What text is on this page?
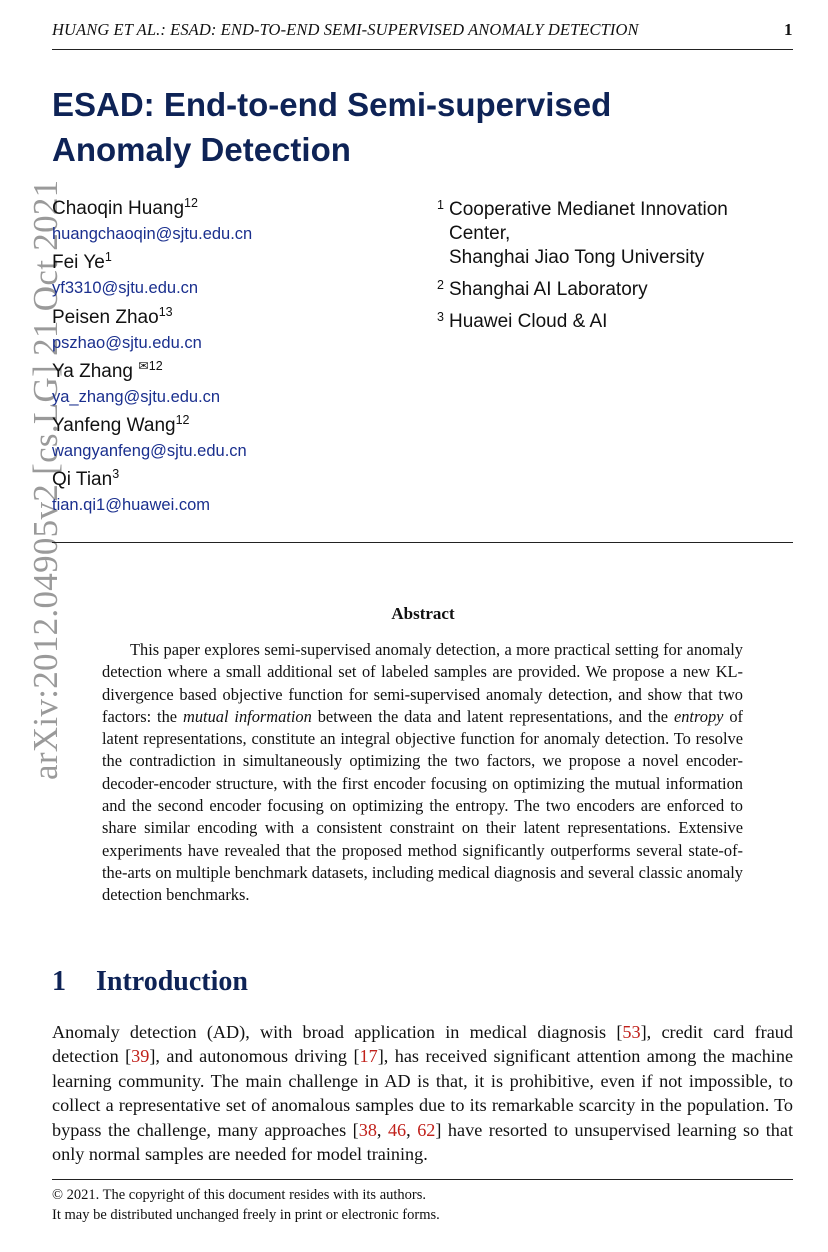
HUANG ET AL.: ESAD: END-TO-END SEMI-SUPERVISED ANOMALY DETECTION	1
arXiv:2012.04905v2 [cs.LG] 21 Oct 2021
ESAD: End-to-end Semi-supervised
Anomaly Detection
Chaoqin Huang$^{12}$
huangchaoqin@sjtu.edu.cn
Fei Ye$^1$
yf3310@sjtu.edu.cn
Peisen Zhao$^{13}$
pszhao@sjtu.edu.cn
Ya Zhang $^{✉12}$
ya_zhang@sjtu.edu.cn
Yanfeng Wang$^{12}$
wangyanfeng@sjtu.edu.cn
Qi Tian$^3$
tian.qi1@huawei.com
1 Cooperative Medianet Innovation
Center,
Shanghai Jiao Tong University
2 Shanghai AI Laboratory
3 Huawei Cloud & AI
Abstract
This paper explores semi-supervised anomaly detection, a more practical setting for anomaly detection where a small additional set of labeled samples are provided. We propose a new KL-divergence based objective function for semi-supervised anomaly detection, and show that two factors: the mutual information between the data and latent representations, and the entropy of latent representations, constitute an integral objective function for anomaly detection. To resolve the contradiction in simultaneously optimizing the two factors, we propose a novel encoder-decoder-encoder structure, with the first encoder focusing on optimizing the mutual information and the second encoder focusing on optimizing the entropy. The two encoders are enforced to share similar encoding with a consistent constraint on their latent representations. Extensive experiments have revealed that the proposed method significantly outperforms several state-of-the-arts on multiple benchmark datasets, including medical diagnosis and several classic anomaly detection benchmarks.
1 Introduction
Anomaly detection (AD), with broad application in medical diagnosis [53], credit card fraud detection [39], and autonomous driving [17], has received significant attention among the machine learning community. The main challenge in AD is that, it is prohibitive, even if not impossible, to collect a representative set of anomalous samples due to its remarkable scarcity in the population. To bypass the challenge, many approaches [38, 46, 62] have resorted to unsupervised learning so that only normal samples are needed for model training.
© 2021. The copyright of this document resides with its authors.
It may be distributed unchanged freely in print or electronic forms.
